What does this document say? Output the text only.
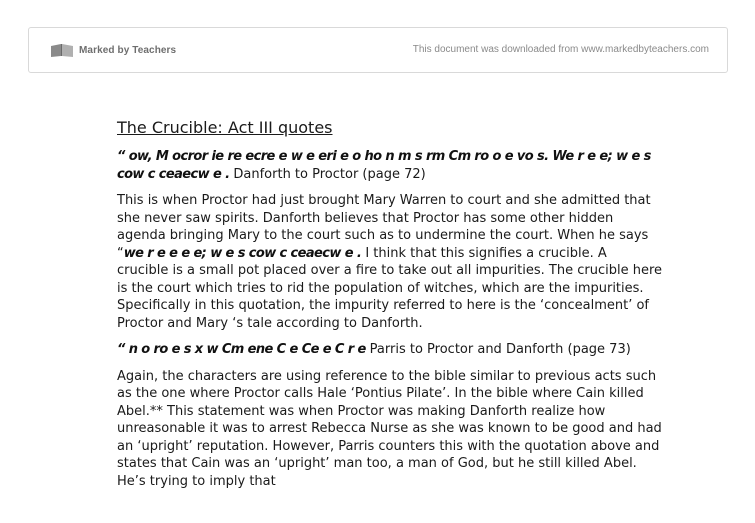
Marked by Teachers	This document was downloaded from www.markedbyteachers.com
The Crucible: Act III quotes

“ ow, M ocror ie re ecre e w e eri e o ho n m s rm Cm ro o e vo s. We r e e; w e s cow c ceaecw e . Danforth to Proctor (page 72)

This is when Proctor had just brought Mary Warren to court and she admitted that she never saw spirits. Danforth believes that Proctor has some other hidden agenda bringing Mary to the court such as to undermine the court. When he says “we r e e e e; w e s cow c ceaecw e . I think that this signifies a crucible. A crucible is a small pot placed over a fire to take out all impurities. The crucible here is the court which tries to rid the population of witches, which are the impurities. Specifically in this quotation, the impurity referred to here is the ‘concealment’ of Proctor and Mary ‘s tale according to Danforth.

“ n o ro e s x w Cm ene C e Ce e C r e Parris to Proctor and Danforth (page 73)

Again, the characters are using reference to the bible similar to previous acts such as the one where Proctor calls Hale ‘Pontius Pilate’. In the bible where Cain killed Abel.** This statement was when Proctor was making Danforth realize how unreasonable it was to arrest Rebecca Nurse as she was known to be good and had an ‘upright’ reputation. However, Parris counters this with the quotation above and states that Cain was an ‘upright’ man too, a man of God, but he still killed Abel. He’s trying to imply that
